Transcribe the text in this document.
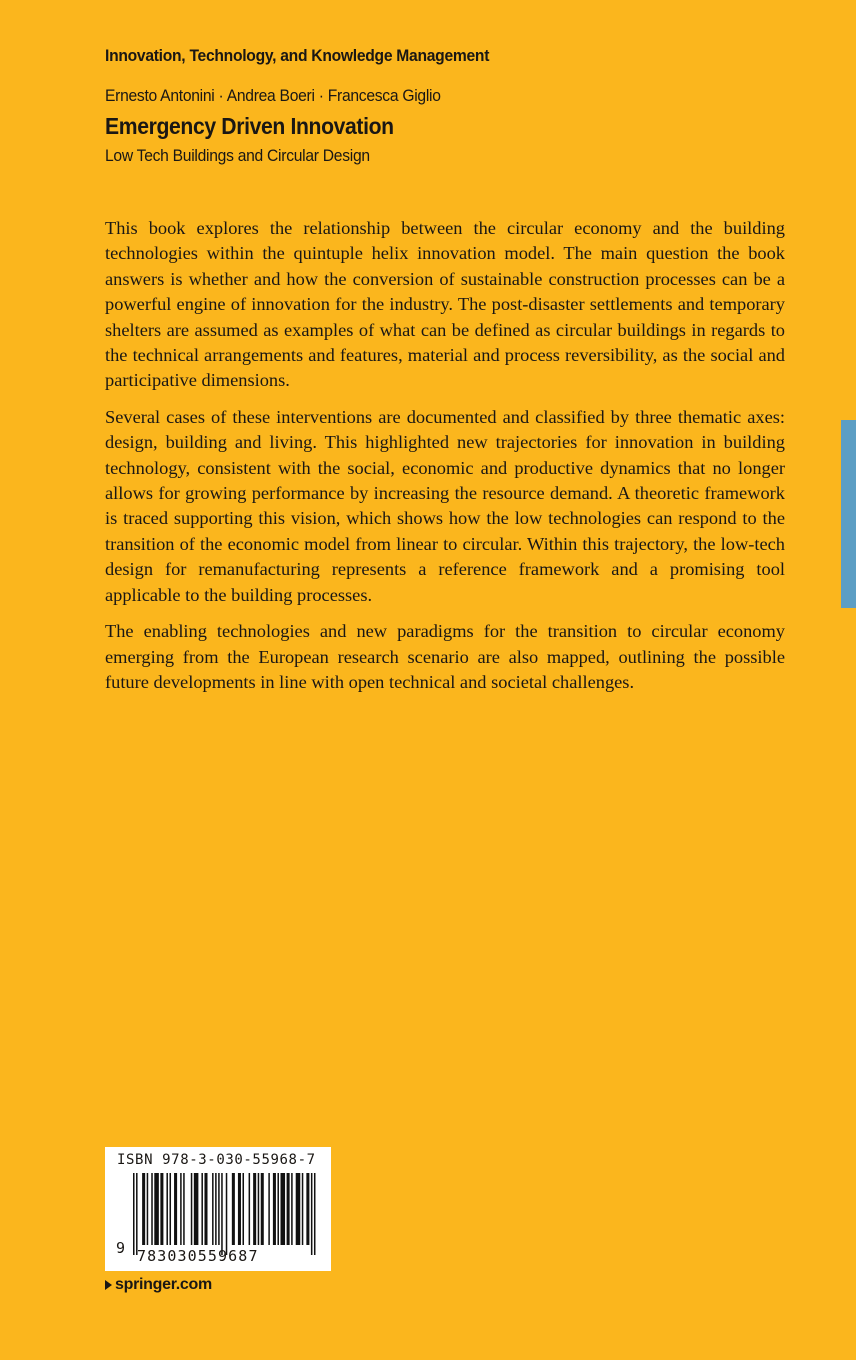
Innovation, Technology, and Knowledge Management
Ernesto Antonini · Andrea Boeri · Francesca Giglio
Emergency Driven Innovation
Low Tech Buildings and Circular Design

This book explores the relationship between the circular economy and the building technologies within the quintuple helix innovation model. The main question the book answers is whether and how the conversion of sustainable construction processes can be a powerful engine of innovation for the industry. The post-disaster settlements and temporary shelters are assumed as examples of what can be defined as circular buildings in regards to the technical arrangements and features, material and process reversibility, as the social and participative dimensions.

Several cases of these interventions are documented and classified by three thematic axes: design, building and living. This highlighted new trajectories for innovation in building technology, consistent with the social, economic and productive dynamics that no longer allows for growing performance by increasing the resource demand. A theoretic framework is traced supporting this vision, which shows how the low technologies can respond to the transition of the economic model from linear to circular. Within this trajectory, the low-tech design for remanufacturing represents a reference framework and a promising tool applicable to the building processes.

The enabling technologies and new paradigms for the transition to circular economy emerging from the European research scenario are also mapped, outlining the possible future developments in line with open technical and societal challenges.

ISBN 978-3-030-55968-7
9 783030559687
springer.com
